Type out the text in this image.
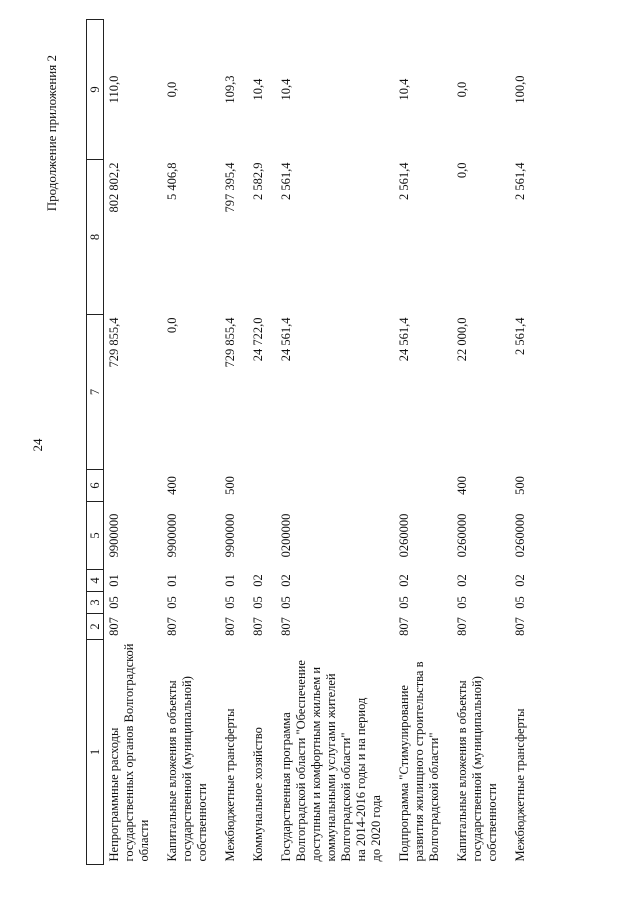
24
Продолжение приложения 2
1	2	3	4	5	6	7	8	9
Непрограммные расходы государственных органов Волгоградской области	807	05	01	9900000		729 855,4	802 802,2	110,0
Капитальные вложения в объекты государственной (муниципальной) собственности	807	05	01	9900000	400	0,0	5 406,8	0,0
Межбюджетные трансферты	807	05	01	9900000	500	729 855,4	797 395,4	109,3
Коммунальное хозяйство	807	05	02			24 722,0	2 582,9	10,4
Государственная программа Волгоградской области "Обеспечение доступным и комфортным жильем и коммунальными услугами жителей Волгоградской области"
на 2014-2016 годы и на период
до 2020 года	807	05	02	0200000		24 561,4	2 561,4	10,4
Подпрограмма "Стимулирование развития жилищного строительства в Волгоградской области"	807	05	02	0260000		24 561,4	2 561,4	10,4
Капитальные вложения в объекты государственной (муниципальной) собственности	807	05	02	0260000	400	22 000,0	0,0	0,0
Межбюджетные трансферты	807	05	02	0260000	500	2 561,4	2 561,4	100,0
